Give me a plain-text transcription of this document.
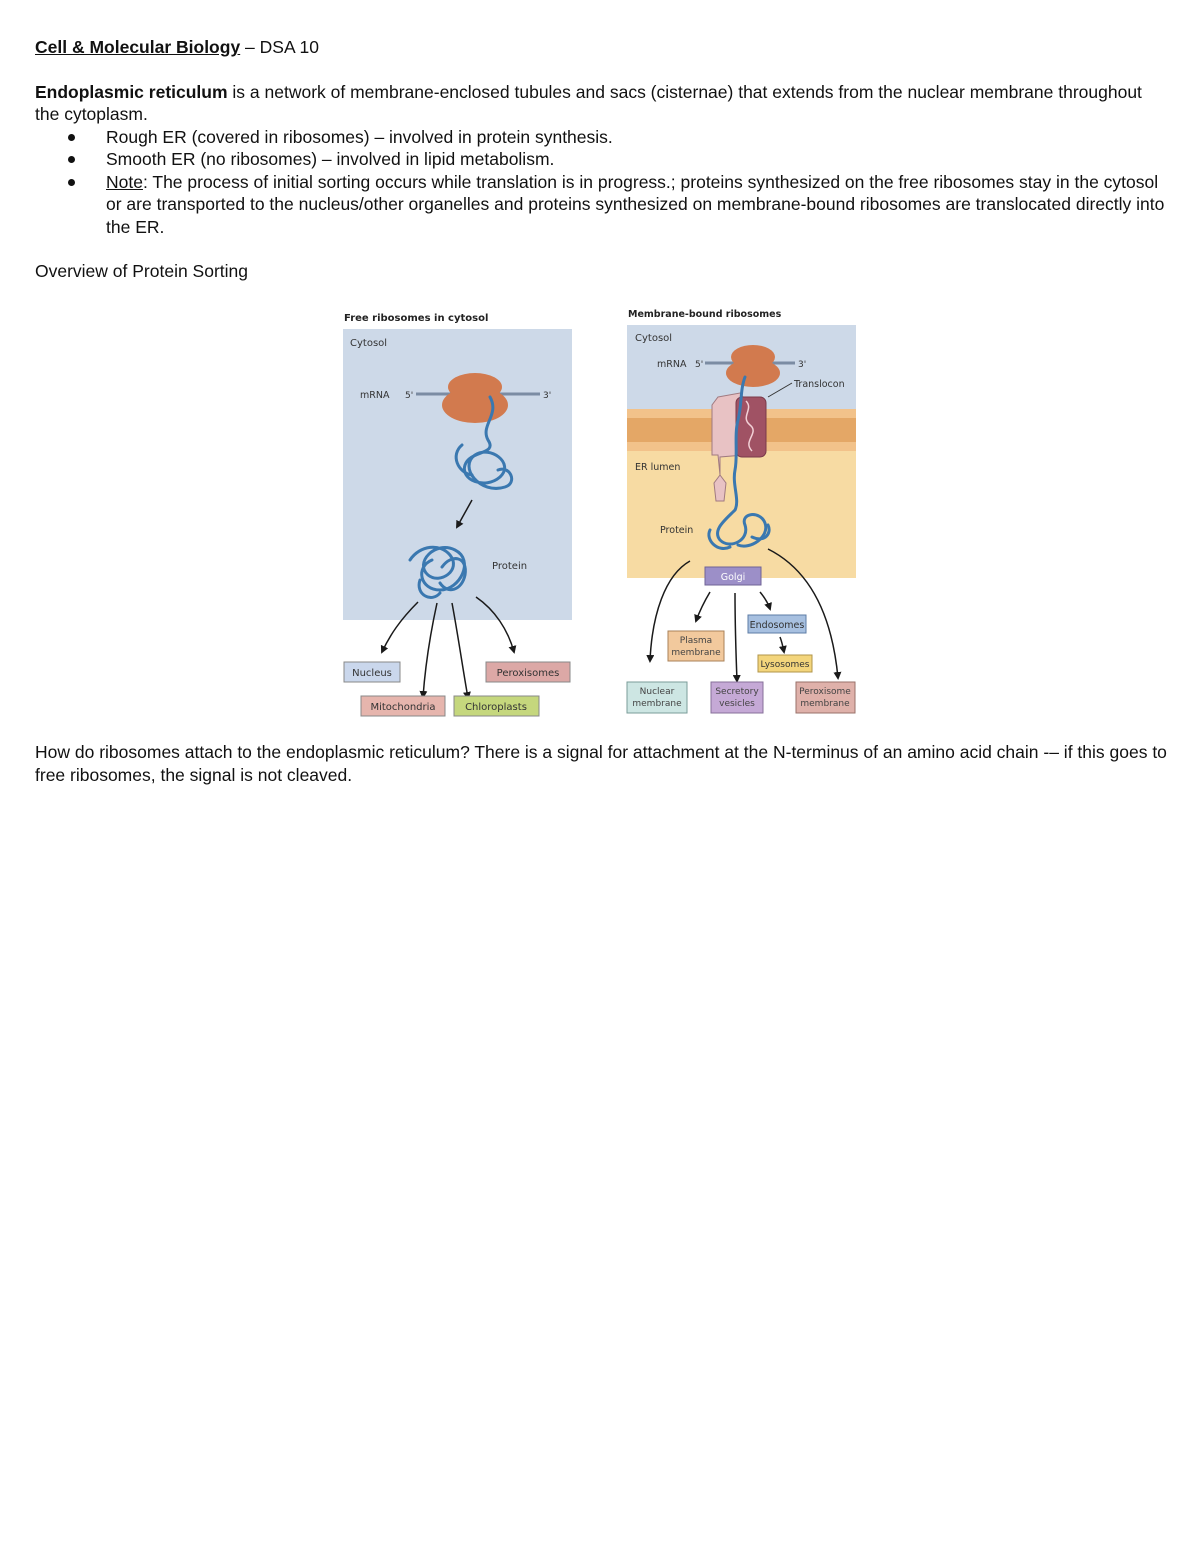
Cell & Molecular Biology – DSA 10

Endoplasmic reticulum is a network of membrane-enclosed tubules and sacs (cisternae) that extends from the nuclear membrane throughout the cytoplasm.

Rough ER (covered in ribosomes) – involved in protein synthesis.
Smooth ER (no ribosomes) – involved in lipid metabolism.
Note: The process of initial sorting occurs while translation is in progress.; proteins synthesized on the free ribosomes stay in the cytosol or are transported to the nucleus/other organelles and proteins synthesized on membrane-bound ribosomes are translocated directly into the ER.

Overview of Protein Sorting

Free ribosomes in cytosol
Cytosol
mRNA 5'	3'
Protein
Nucleus	Peroxisomes
Mitochondria	Chloroplasts
Membrane-bound ribosomes
Cytosol
mRNA 5'	3'
Translocon
ER lumen
Protein
Golgi
Endosomes
Lysosomes
Plasma
membrane
Nuclear
membrane
Secretory
vesicles
Peroxisome
membrane

How do ribosomes attach to the endoplasmic reticulum? There is a signal for attachment at the N-terminus of an amino acid chain -– if this goes to free ribosomes, the signal is not cleaved.
